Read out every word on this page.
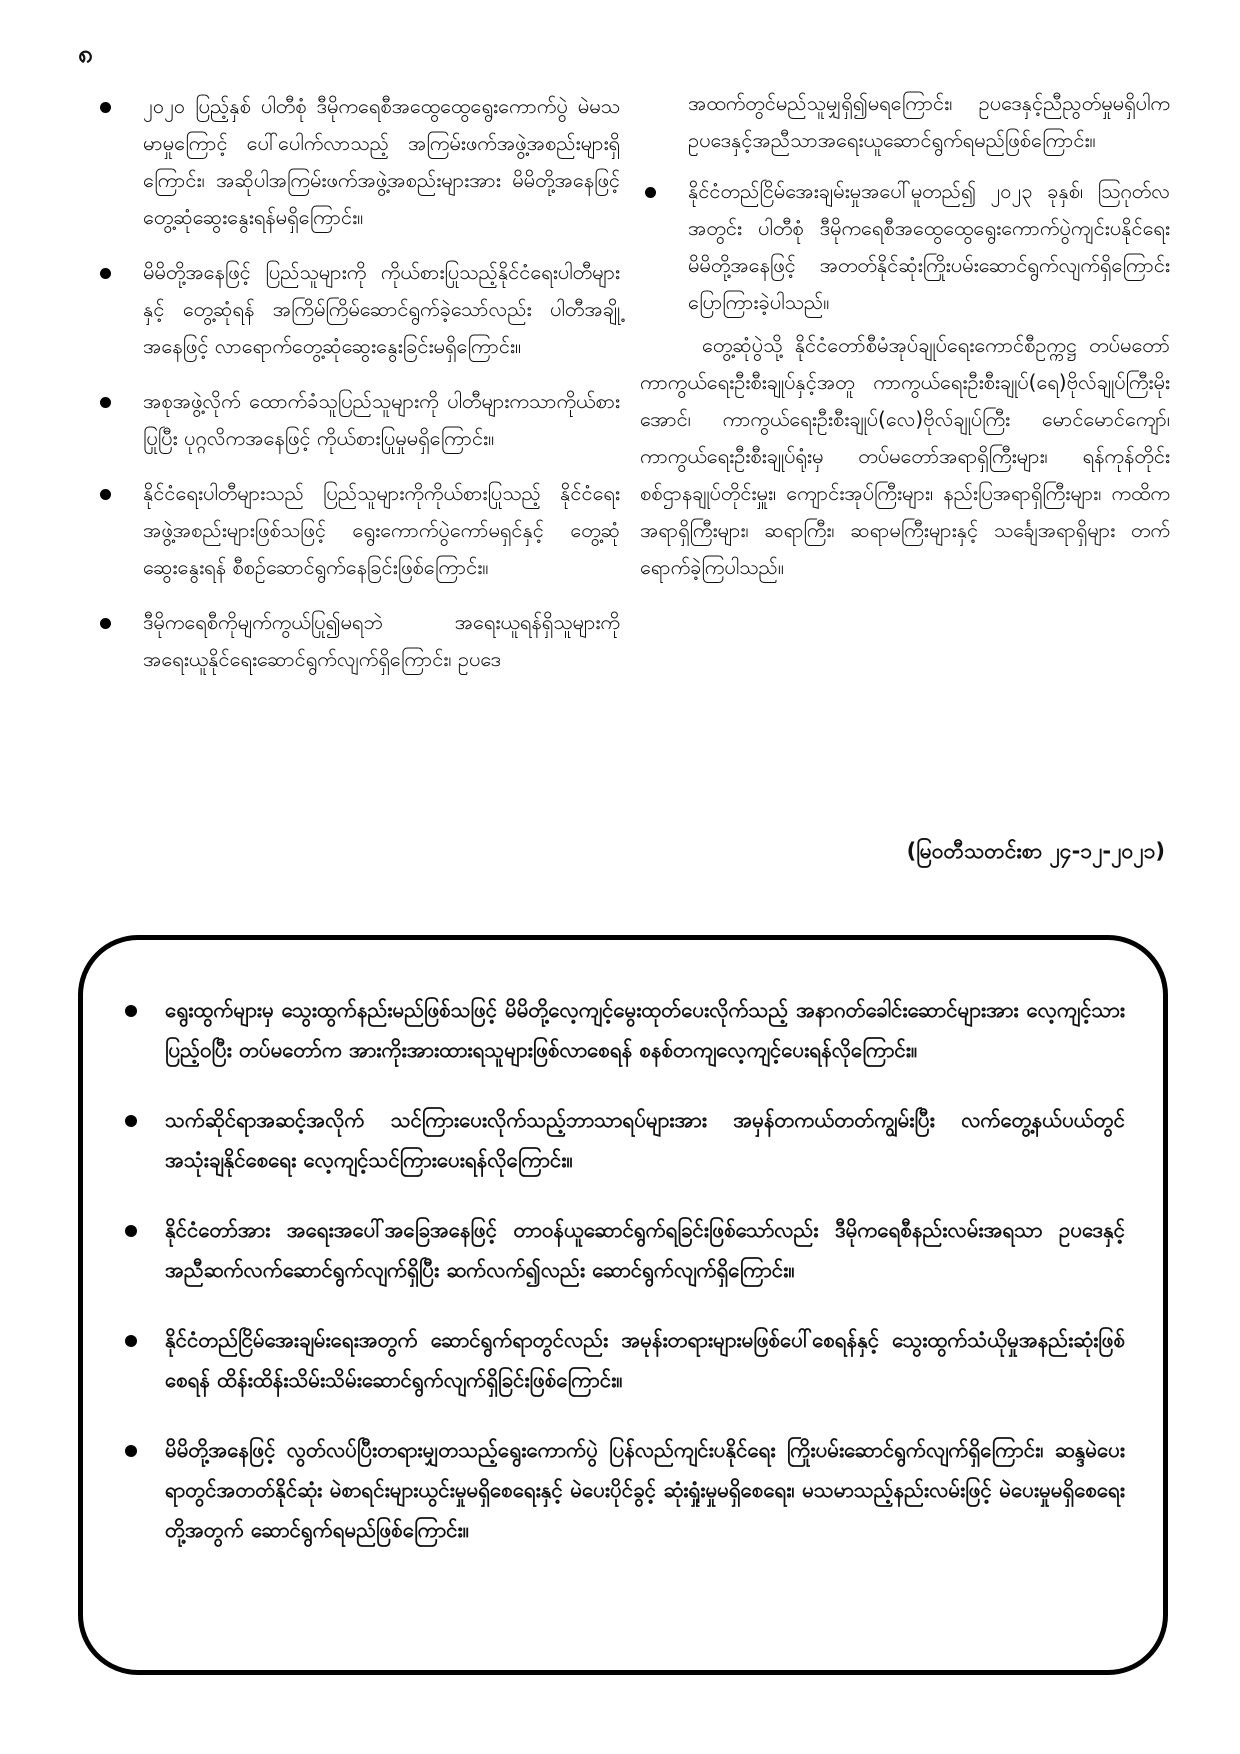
၈
၂၀၂၀ ပြည့်နှစ် ပါတီစုံ ဒီမိုကရေစီအထွေထွေရွေးကောက်ပွဲ မဲမသမာမှုကြောင့် ပေါ်ပေါက်လာသည့် အကြမ်းဖက်အဖွဲ့အစည်းများရှိကြောင်း၊ အဆိုပါအကြမ်းဖက်အဖွဲ့အစည်းများအား မိမိတို့အနေဖြင့် တွေ့ဆုံဆွေးနွေးရန်မရှိကြောင်း။
မိမိတို့အနေဖြင့် ပြည်သူများကို ကိုယ်စားပြုသည့်နိုင်ငံရေးပါတီများနှင့် တွေ့ဆုံရန် အကြိမ်ကြိမ်ဆောင်ရွက်ခဲ့သော်လည်း ပါတီအချို့အနေဖြင့် လာရောက်တွေ့ဆုံဆွေးနွေးခြင်းမရှိကြောင်း။
အစုအဖွဲ့လိုက် ထောက်ခံသူပြည်သူများကို ပါတီများကသာကိုယ်စားပြုပြီး ပုဂ္ဂလိကအနေဖြင့် ကိုယ်စားပြုမှုမရှိကြောင်း။
နိုင်ငံရေးပါတီများသည် ပြည်သူများကိုကိုယ်စားပြုသည့် နိုင်ငံရေးအဖွဲ့အစည်းများဖြစ်သဖြင့် ရွေးကောက်ပွဲကော်မရှင်နှင့် တွေ့ဆုံဆွေးနွေးရန် စီစဉ်ဆောင်ရွက်နေခြင်းဖြစ်ကြောင်း။
ဒီမိုကရေစီကိုမျက်ကွယ်ပြု၍မရဘဲ အရေးယူရန်ရှိသူများကို အရေးယူနိုင်ရေးဆောင်ရွက်လျက်ရှိကြောင်း၊ ဥပဒေ

အထက်တွင်မည်သူမျှရှိ၍မရကြောင်း၊ ဥပဒေနှင့်ညီညွတ်မှုမရှိပါက ဥပဒေနှင့်အညီသာအရေးယူဆောင်ရွက်ရမည်ဖြစ်ကြောင်း။

နိုင်ငံတည်ငြိမ်အေးချမ်းမှုအပေါ်မူတည်၍ ၂၀၂၃ ခုနှစ်၊ ဩဂုတ်လအတွင်း ပါတီစုံ ဒီမိုကရေစီအထွေထွေရွေးကောက်ပွဲကျင်းပနိုင်ရေး မိမိတို့အနေဖြင့် အတတ်နိုင်ဆုံးကြိုးပမ်းဆောင်ရွက်လျက်ရှိကြောင်း ပြောကြားခဲ့ပါသည်။

တွေ့ဆုံပွဲသို့ နိုင်ငံတော်စီမံအုပ်ချုပ်ရေးကောင်စီဥက္ကဋ္ဌ တပ်မတော်ကာကွယ်ရေးဦးစီးချုပ်နှင့်အတူ ကာကွယ်ရေးဦးစီးချုပ်(ရေ)ဗိုလ်ချုပ်ကြီးမိုးအောင်၊ ကာကွယ်ရေးဦးစီးချုပ်(လေ)ဗိုလ်ချုပ်ကြီး မောင်မောင်ကျော်၊ ကာကွယ်ရေးဦးစီးချုပ်ရုံးမှ တပ်မတော်အရာရှိကြီးများ၊ ရန်ကုန်တိုင်းစစ်ဌာနချုပ်တိုင်းမှူး၊ ကျောင်းအုပ်ကြီးများ၊ နည်းပြအရာရှိကြီးများ၊ ကထိကအရာရှိကြီးများ၊ ဆရာကြီး၊ ဆရာမကြီးများနှင့် သင်္ချေအရာရှိများ တက်ရောက်ခဲ့ကြပါသည်။

(မြဝတီသတင်းစာ ၂၄-၁၂-၂၀၂၁)
ရွေးထွက်များမှ သွေးထွက်နည်းမည်ဖြစ်သဖြင့် မိမိတို့လေ့ကျင့်မွေးထုတ်ပေးလိုက်သည့် အနာဂတ်ခေါင်းဆောင်များအား လေ့ကျင့်သားပြည့်ဝပြီး တပ်မတော်က အားကိုးအားထားရသူများဖြစ်လာစေရန် စနစ်တကျလေ့ကျင့်ပေးရန်လိုကြောင်း။
သက်ဆိုင်ရာအဆင့်အလိုက် သင်ကြားပေးလိုက်သည့်ဘာသာရပ်များအား အမှန်တကယ်တတ်ကျွမ်းပြီး လက်တွေ့နယ်ပယ်တွင် အသုံးချနိုင်စေရေး လေ့ကျင့်သင်ကြားပေးရန်လိုကြောင်း။
နိုင်ငံတော်အား အရေးအပေါ်အခြေအနေဖြင့် တာဝန်ယူဆောင်ရွက်ရခြင်းဖြစ်သော်လည်း ဒီမိုကရေစီနည်းလမ်းအရသာ ဥပဒေနှင့်အညီဆက်လက်ဆောင်ရွက်လျက်ရှိပြီး ဆက်လက်၍လည်း ဆောင်ရွက်လျက်ရှိကြောင်း။
နိုင်ငံတည်ငြိမ်အေးချမ်းရေးအတွက် ဆောင်ရွက်ရာတွင်လည်း အမုန်းတရားများမဖြစ်ပေါ်စေရန်နှင့် သွေးထွက်သံယိုမှုအနည်းဆုံးဖြစ်စေရန် ထိန်းထိန်းသိမ်းသိမ်းဆောင်ရွက်လျက်ရှိခြင်းဖြစ်ကြောင်း။
မိမိတို့အနေဖြင့် လွတ်လပ်ပြီးတရားမျှတသည့်ရွေးကောက်ပွဲ ပြန်လည်ကျင်းပနိုင်ရေး ကြိုးပမ်းဆောင်ရွက်လျက်ရှိကြောင်း၊ ဆန္ဒမဲပေးရာတွင်အတတ်နိုင်ဆုံး မဲစာရင်းများယွင်းမှုမရှိစေရေးနှင့် မဲပေးပိုင်ခွင့် ဆုံးရှုံးမှုမရှိစေရေး၊ မသမာသည့်နည်းလမ်းဖြင့် မဲပေးမှုမရှိစေရေးတို့အတွက် ဆောင်ရွက်ရမည်ဖြစ်ကြောင်း။
